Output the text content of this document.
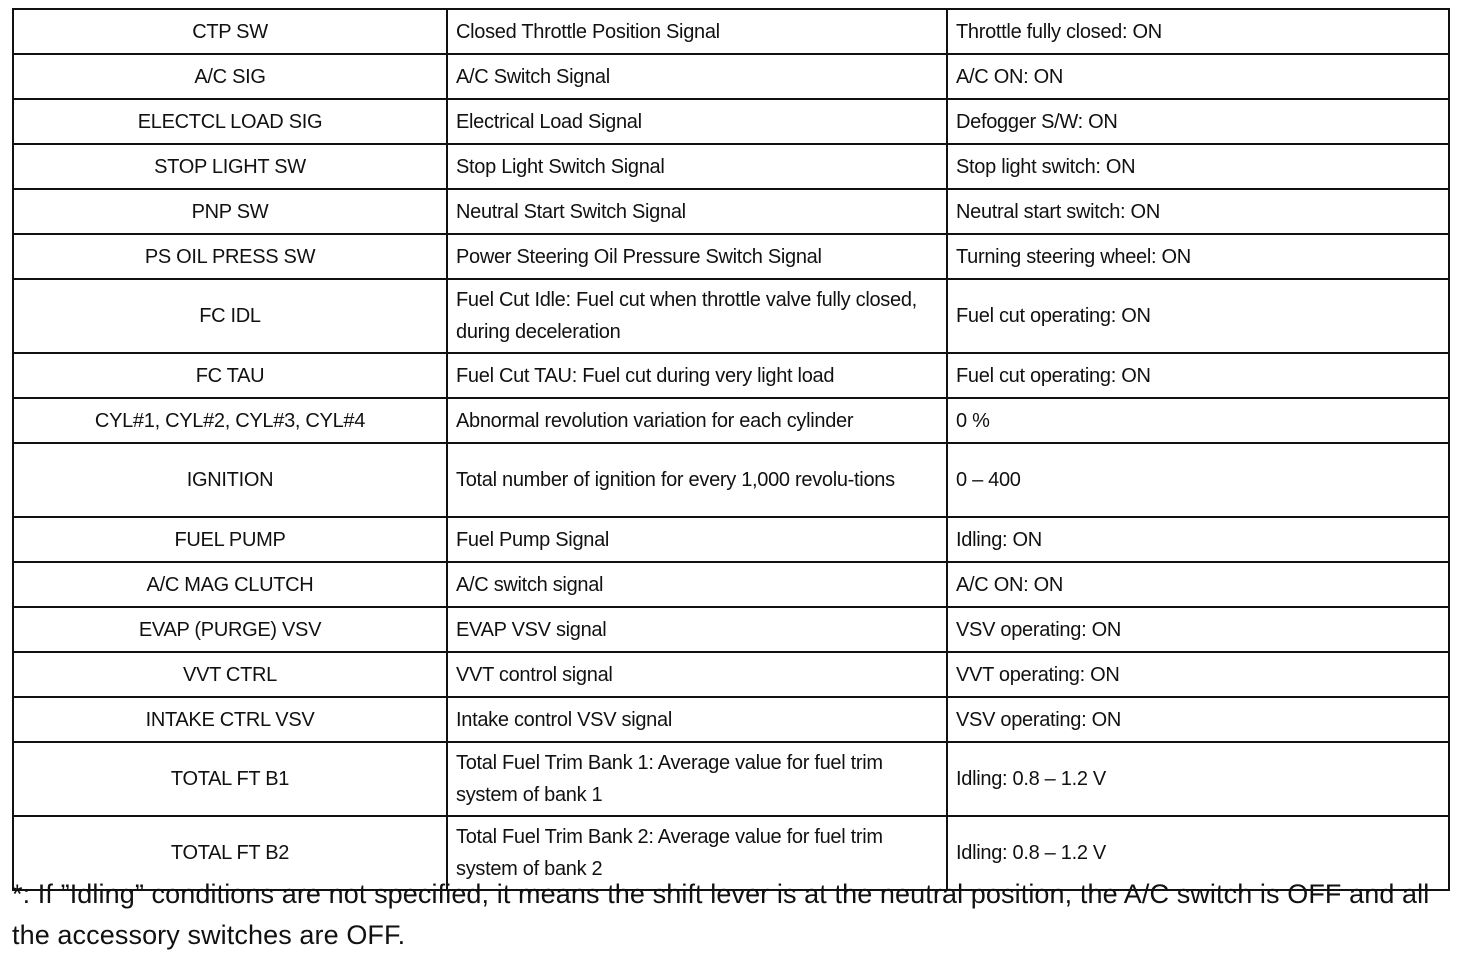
CTP SW	Closed Throttle Position Signal	Throttle fully closed: ON
A/C SIG	A/C Switch Signal	A/C ON: ON
ELECTCL LOAD SIG	Electrical Load Signal	Defogger S/W: ON
STOP LIGHT SW	Stop Light Switch Signal	Stop light switch: ON
PNP SW	Neutral Start Switch Signal	Neutral start switch: ON
PS OIL PRESS SW	Power Steering Oil Pressure Switch Signal	Turning steering wheel: ON
FC IDL	Fuel Cut Idle: Fuel cut when throttle valve fully closed, during deceleration	Fuel cut operating: ON
FC TAU	Fuel Cut TAU: Fuel cut during very light load	Fuel cut operating: ON
CYL#1, CYL#2, CYL#3, CYL#4	Abnormal revolution variation for each cylinder	0 %
IGNITION	Total number of ignition for every 1,000 revolu-tions	0 – 400
FUEL PUMP	Fuel Pump Signal	Idling: ON
A/C MAG CLUTCH	A/C switch signal	A/C ON: ON
EVAP (PURGE) VSV	EVAP VSV signal	VSV operating: ON
VVT CTRL	VVT control signal	VVT operating: ON
INTAKE CTRL VSV	Intake control VSV signal	VSV operating: ON
TOTAL FT B1	Total Fuel Trim Bank 1: Average value for fuel trim system of bank 1	Idling: 0.8 – 1.2 V
TOTAL FT B2	Total Fuel Trim Bank 2: Average value for fuel trim system of bank 2	Idling: 0.8 – 1.2 V
*: If ”Idling” conditions are not specified, it means the shift lever is at the neutral position, the A/C switch is OFF and all the accessory switches are OFF.
